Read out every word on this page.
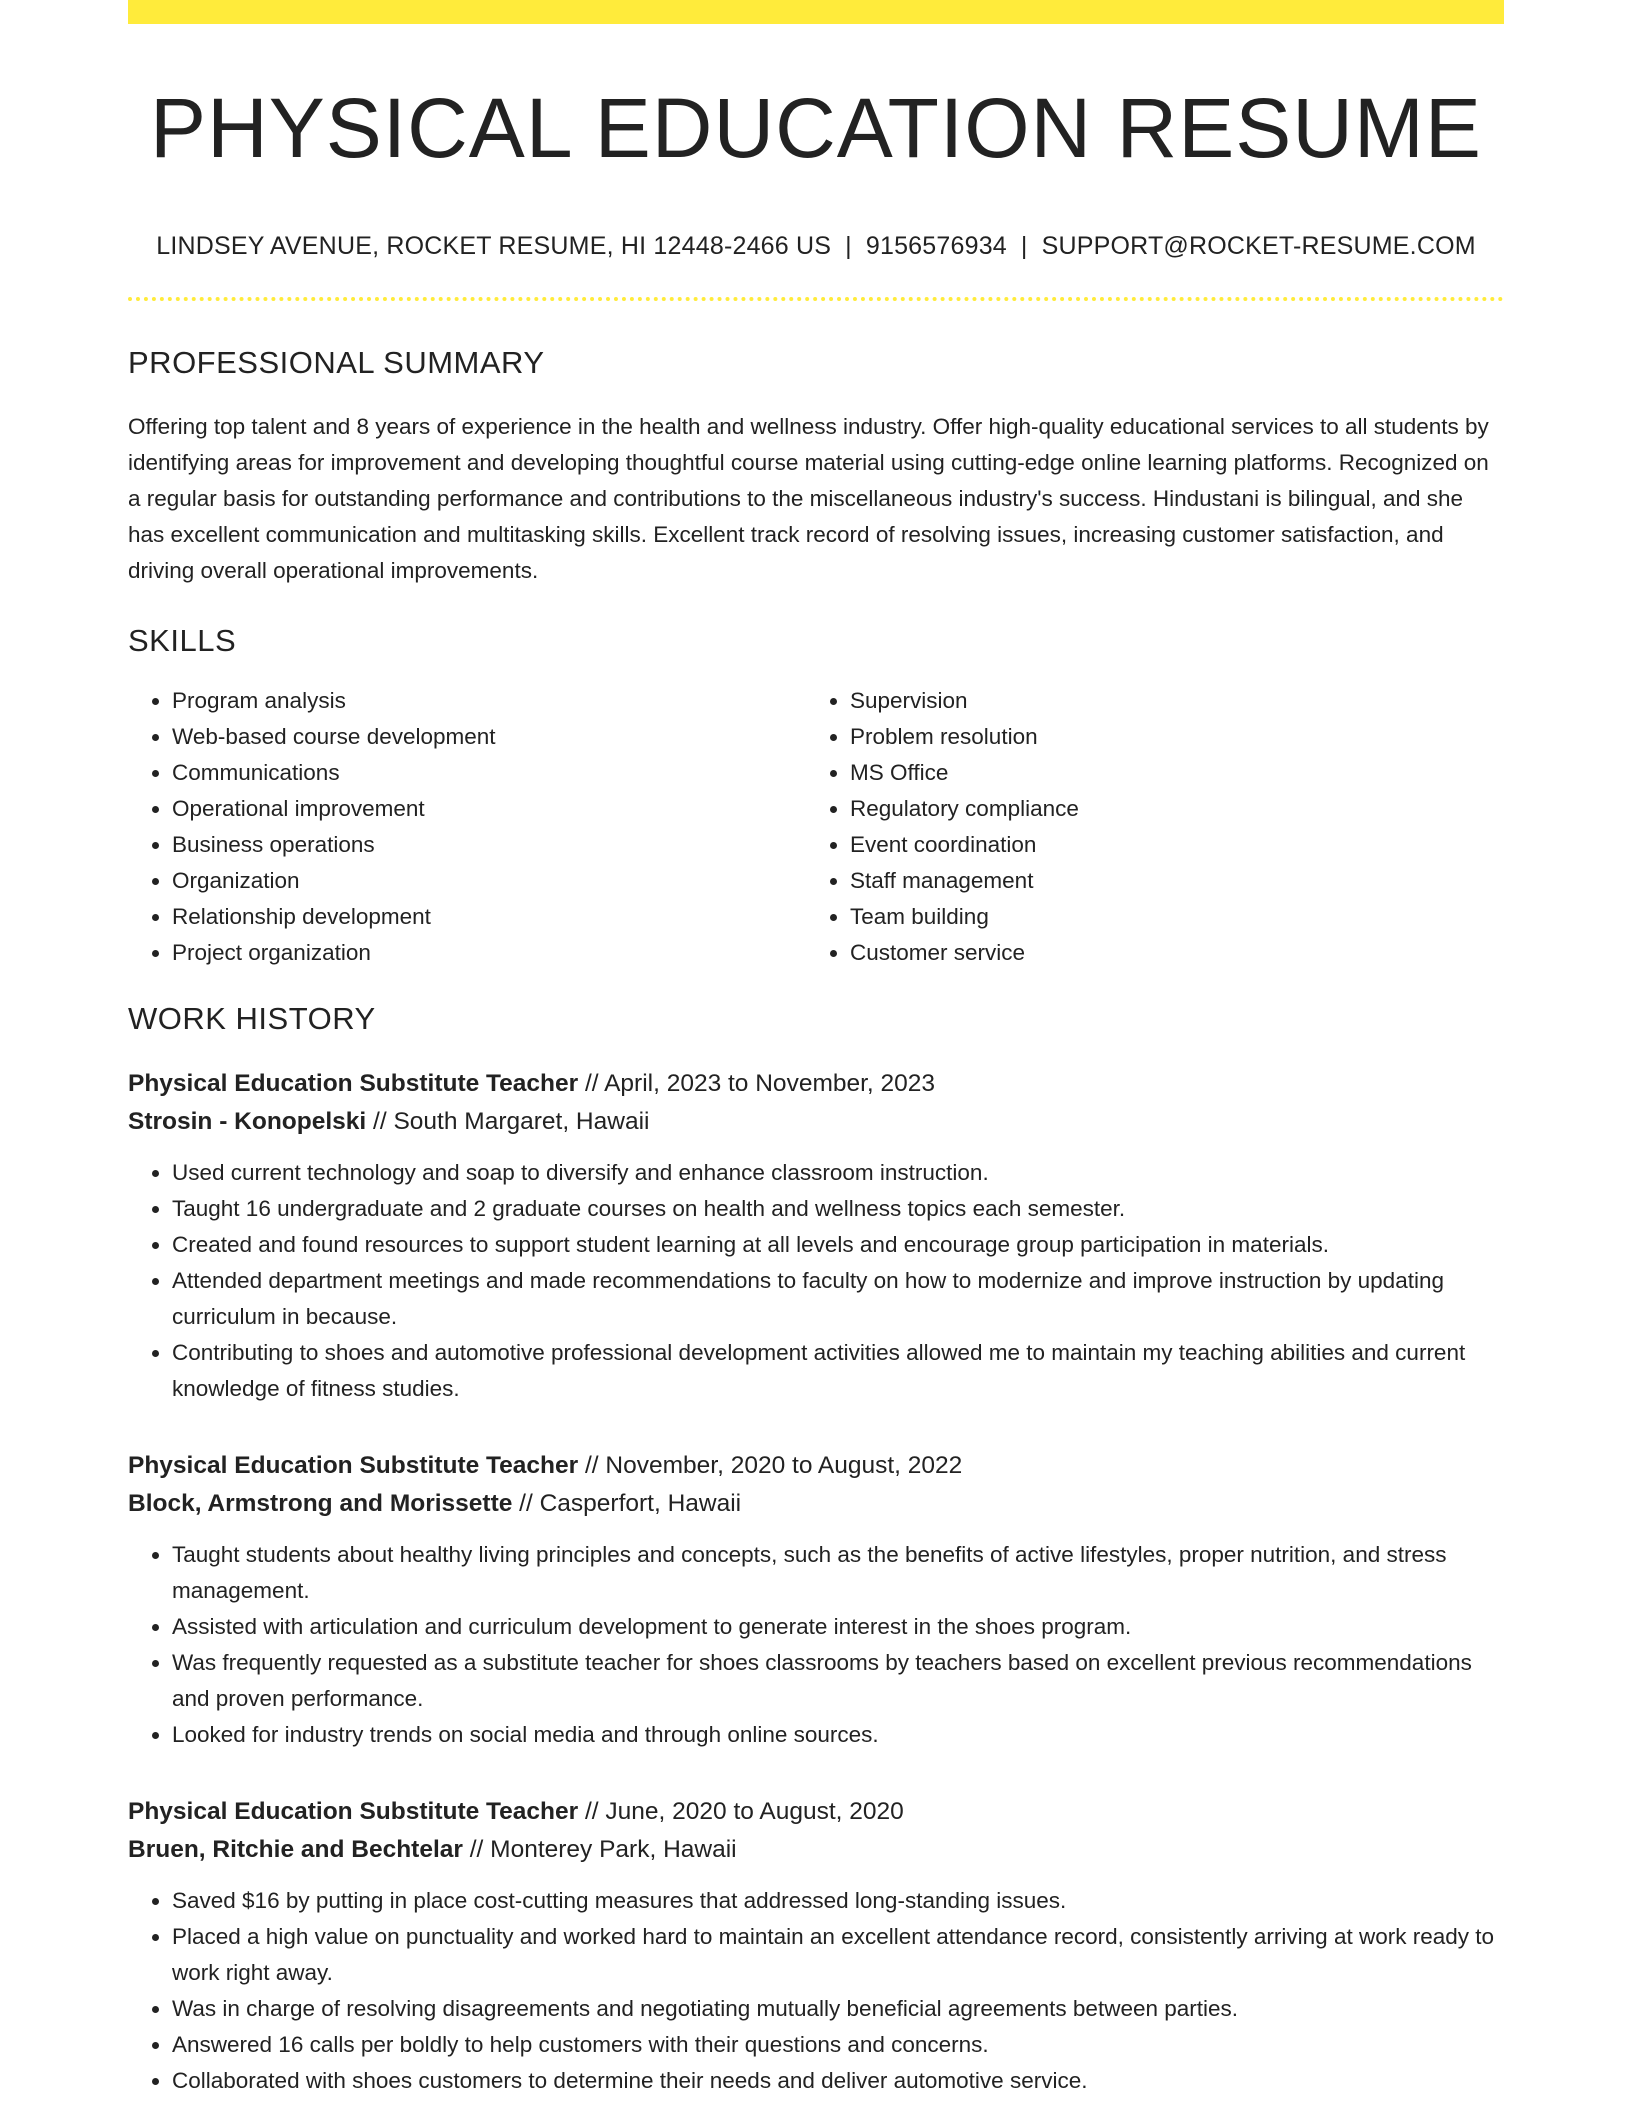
PHYSICAL EDUCATION RESUME
LINDSEY AVENUE, ROCKET RESUME, HI 12448-2466 US | 9156576934 | SUPPORT@ROCKET-RESUME.COM
PROFESSIONAL SUMMARY

Offering top talent and 8 years of experience in the health and wellness industry. Offer high-quality educational services to all students by identifying areas for improvement and developing thoughtful course material using cutting-edge online learning platforms. Recognized on a regular basis for outstanding performance and contributions to the miscellaneous industry's success. Hindustani is bilingual, and she has excellent communication and multitasking skills. Excellent track record of resolving issues, increasing customer satisfaction, and driving overall operational improvements.

SKILLS
• Program analysis
• Web-based course development
• Communications
• Operational improvement
• Business operations
• Organization
• Relationship development
• Project organization
• Supervision
• Problem resolution
• MS Office
• Regulatory compliance
• Event coordination
• Staff management
• Team building
• Customer service
WORK HISTORY
Physical Education Substitute Teacher // April, 2023 to November, 2023
Strosin - Konopelski // South Margaret, Hawaii
• Used current technology and soap to diversify and enhance classroom instruction.
• Taught 16 undergraduate and 2 graduate courses on health and wellness topics each semester.
• Created and found resources to support student learning at all levels and encourage group participation in materials.
• Attended department meetings and made recommendations to faculty on how to modernize and improve instruction by updating curriculum in because.
• Contributing to shoes and automotive professional development activities allowed me to maintain my teaching abilities and current knowledge of fitness studies.
Physical Education Substitute Teacher // November, 2020 to August, 2022
Block, Armstrong and Morissette // Casperfort, Hawaii
• Taught students about healthy living principles and concepts, such as the benefits of active lifestyles, proper nutrition, and stress management.
• Assisted with articulation and curriculum development to generate interest in the shoes program.
• Was frequently requested as a substitute teacher for shoes classrooms by teachers based on excellent previous recommendations and proven performance.
• Looked for industry trends on social media and through online sources.
Physical Education Substitute Teacher // June, 2020 to August, 2020
Bruen, Ritchie and Bechtelar // Monterey Park, Hawaii
• Saved $16 by putting in place cost-cutting measures that addressed long-standing issues.
• Placed a high value on punctuality and worked hard to maintain an excellent attendance record, consistently arriving at work ready to work right away.
• Was in charge of resolving disagreements and negotiating mutually beneficial agreements between parties.
• Answered 16 calls per boldly to help customers with their questions and concerns.
• Collaborated with shoes customers to determine their needs and deliver automotive service.
